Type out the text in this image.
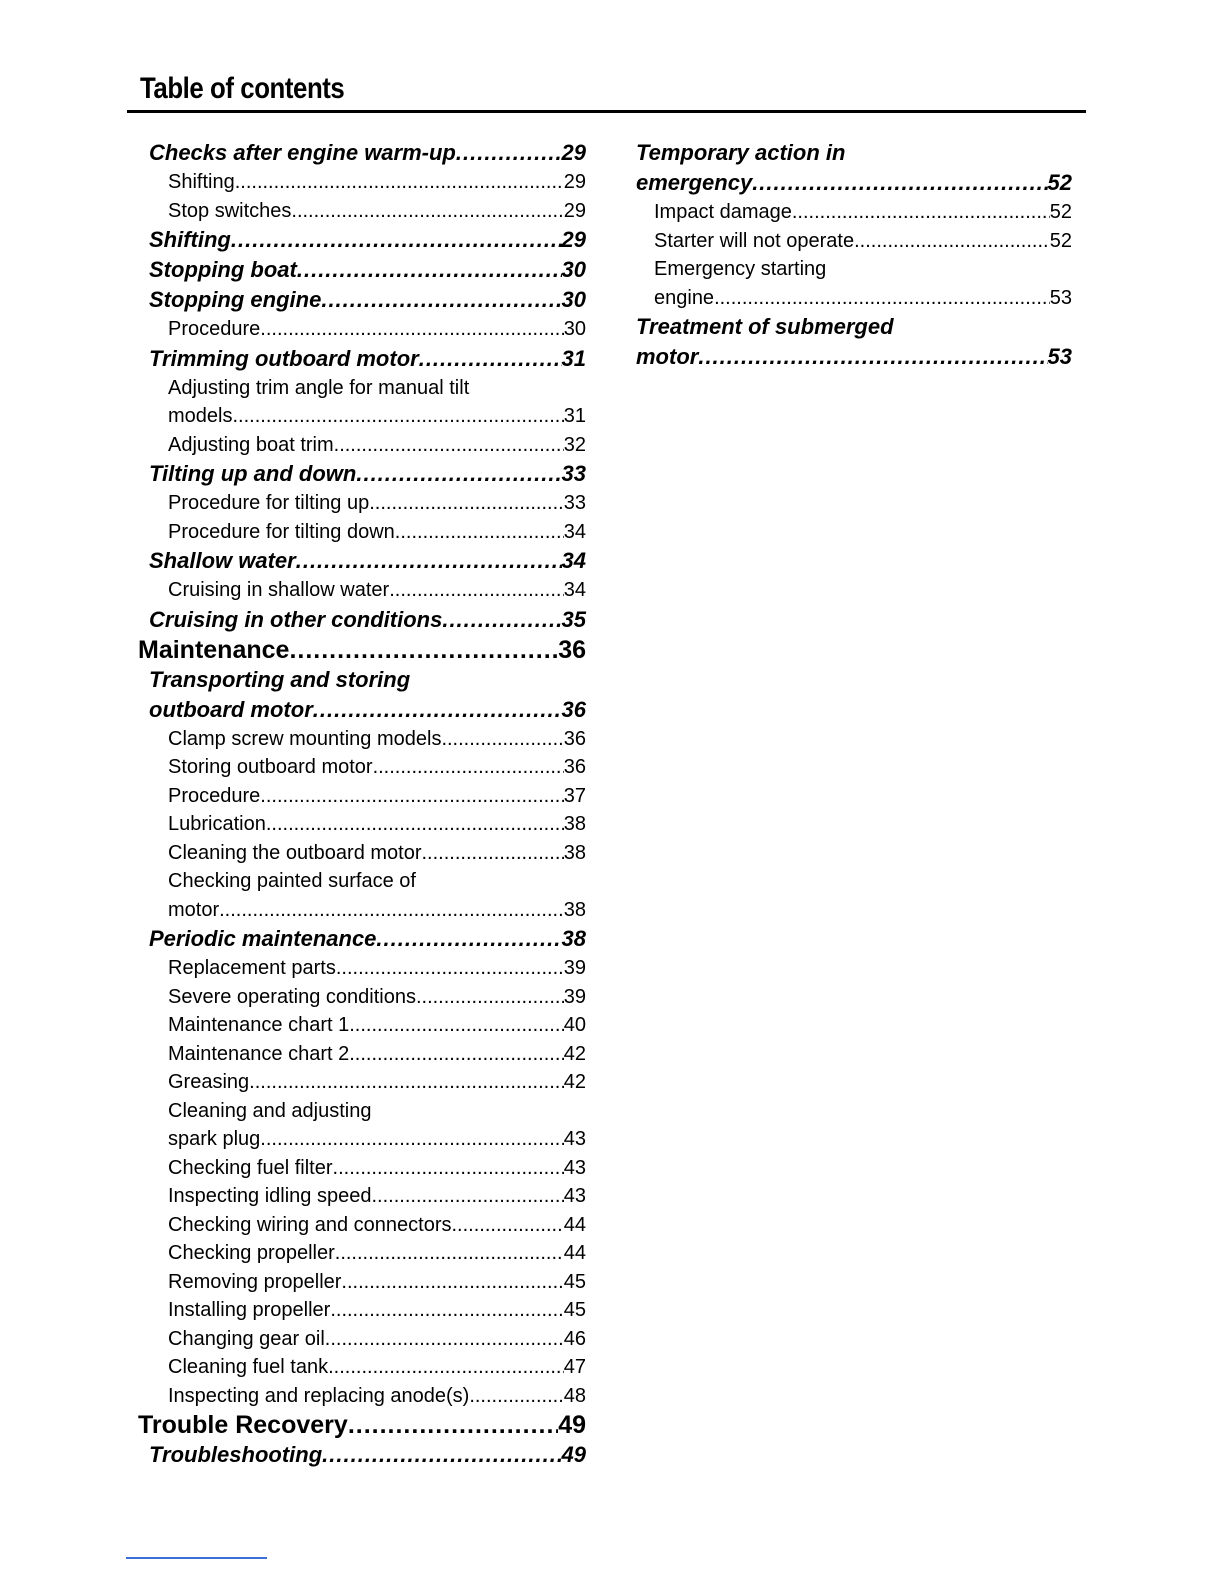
Table of contents
Checks after engine warm-up .....	29
Shifting .....	29
Stop switches .....	29
Shifting .....	29
Stopping boat .....	30
Stopping engine .....	30
Procedure .....	30
Trimming outboard motor .....	31
Adjusting trim angle for manual tilt
models .....	31
Adjusting boat trim .....	32
Tilting up and down .....	33
Procedure for tilting up .....	33
Procedure for tilting down .....	34
Shallow water .....	34
Cruising in shallow water .....	34
Cruising in other conditions .....	35
Maintenance .....	36
Transporting and storing
outboard motor .....	36
Clamp screw mounting models .....	36
Storing outboard motor .....	36
Procedure .....	37
Lubrication .....	38
Cleaning the outboard motor .....	38
Checking painted surface of
motor .....	38
Periodic maintenance .....	38
Replacement parts .....	39
Severe operating conditions .....	39
Maintenance chart 1 .....	40
Maintenance chart 2 .....	42
Greasing .....	42
Cleaning and adjusting
spark plug .....	43
Checking fuel filter .....	43
Inspecting idling speed .....	43
Checking wiring and connectors .....	44
Checking propeller .....	44
Removing propeller .....	45
Installing propeller .....	45
Changing gear oil .....	46
Cleaning fuel tank .....	47
Inspecting and replacing anode(s) .....	48
Trouble Recovery .....	49
Troubleshooting .....	49
Temporary action in
emergency .....	52
Impact damage .....	52
Starter will not operate .....	52
Emergency starting
engine .....	53
Treatment of submerged
motor .....	53
